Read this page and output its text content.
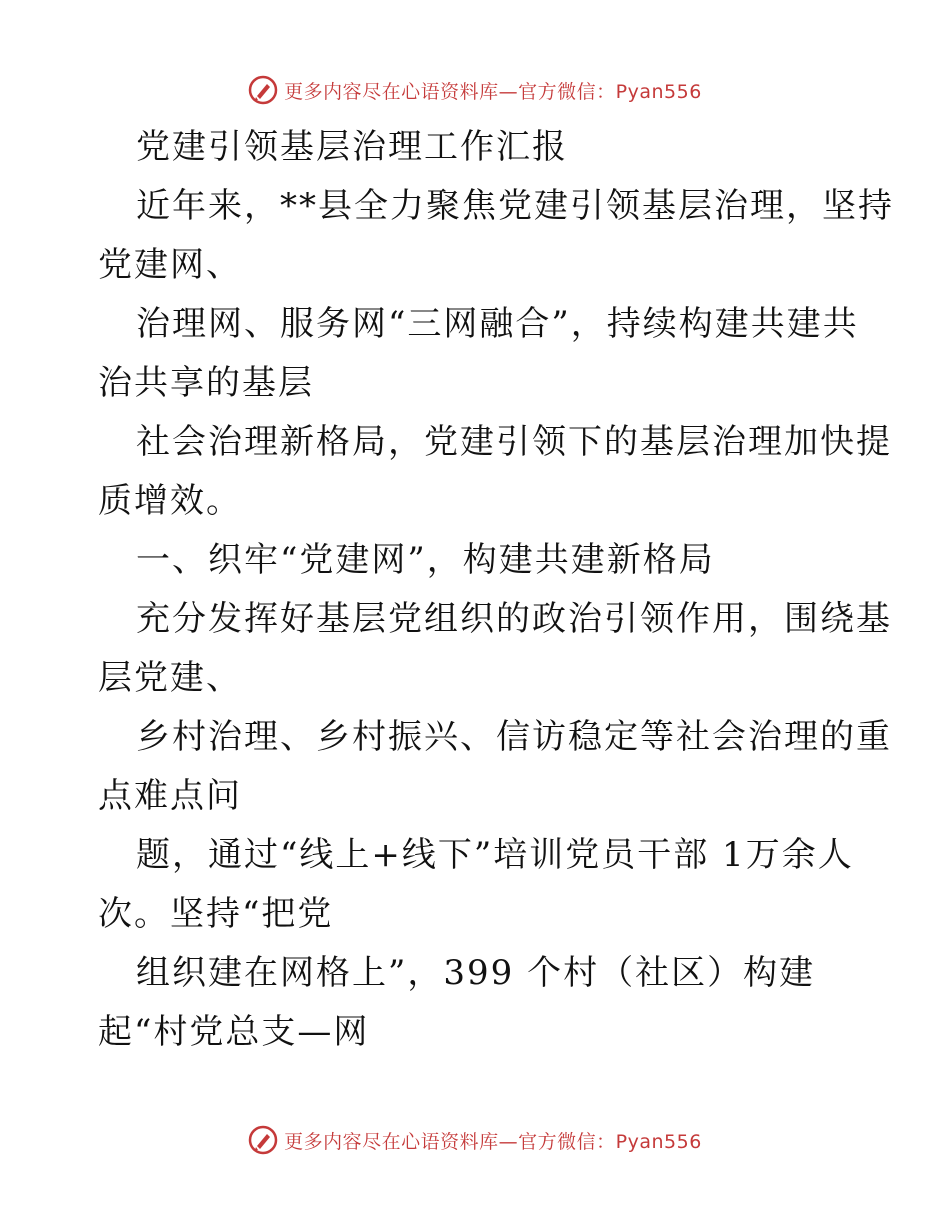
更多内容尽在心语资料库—官方微信：Pyan556
党建引领基层治理工作汇报
近年来，**县全力聚焦党建引领基层治理，坚持
党建网、
治理网、服务网“三网融合”，持续构建共建共
治共享的基层
社会治理新格局，党建引领下的基层治理加快提
质增效。
一、织牢“党建网”，构建共建新格局
充分发挥好基层党组织的政治引领作用，围绕基
层党建、
乡村治理、乡村振兴、信访稳定等社会治理的重
点难点问
题，通过“线上+线下”培训党员干部 1万余人
次。坚持“把党
组织建在网格上”，399 个村（社区）构建
起“村党总支—网
更多内容尽在心语资料库—官方微信：Pyan556
